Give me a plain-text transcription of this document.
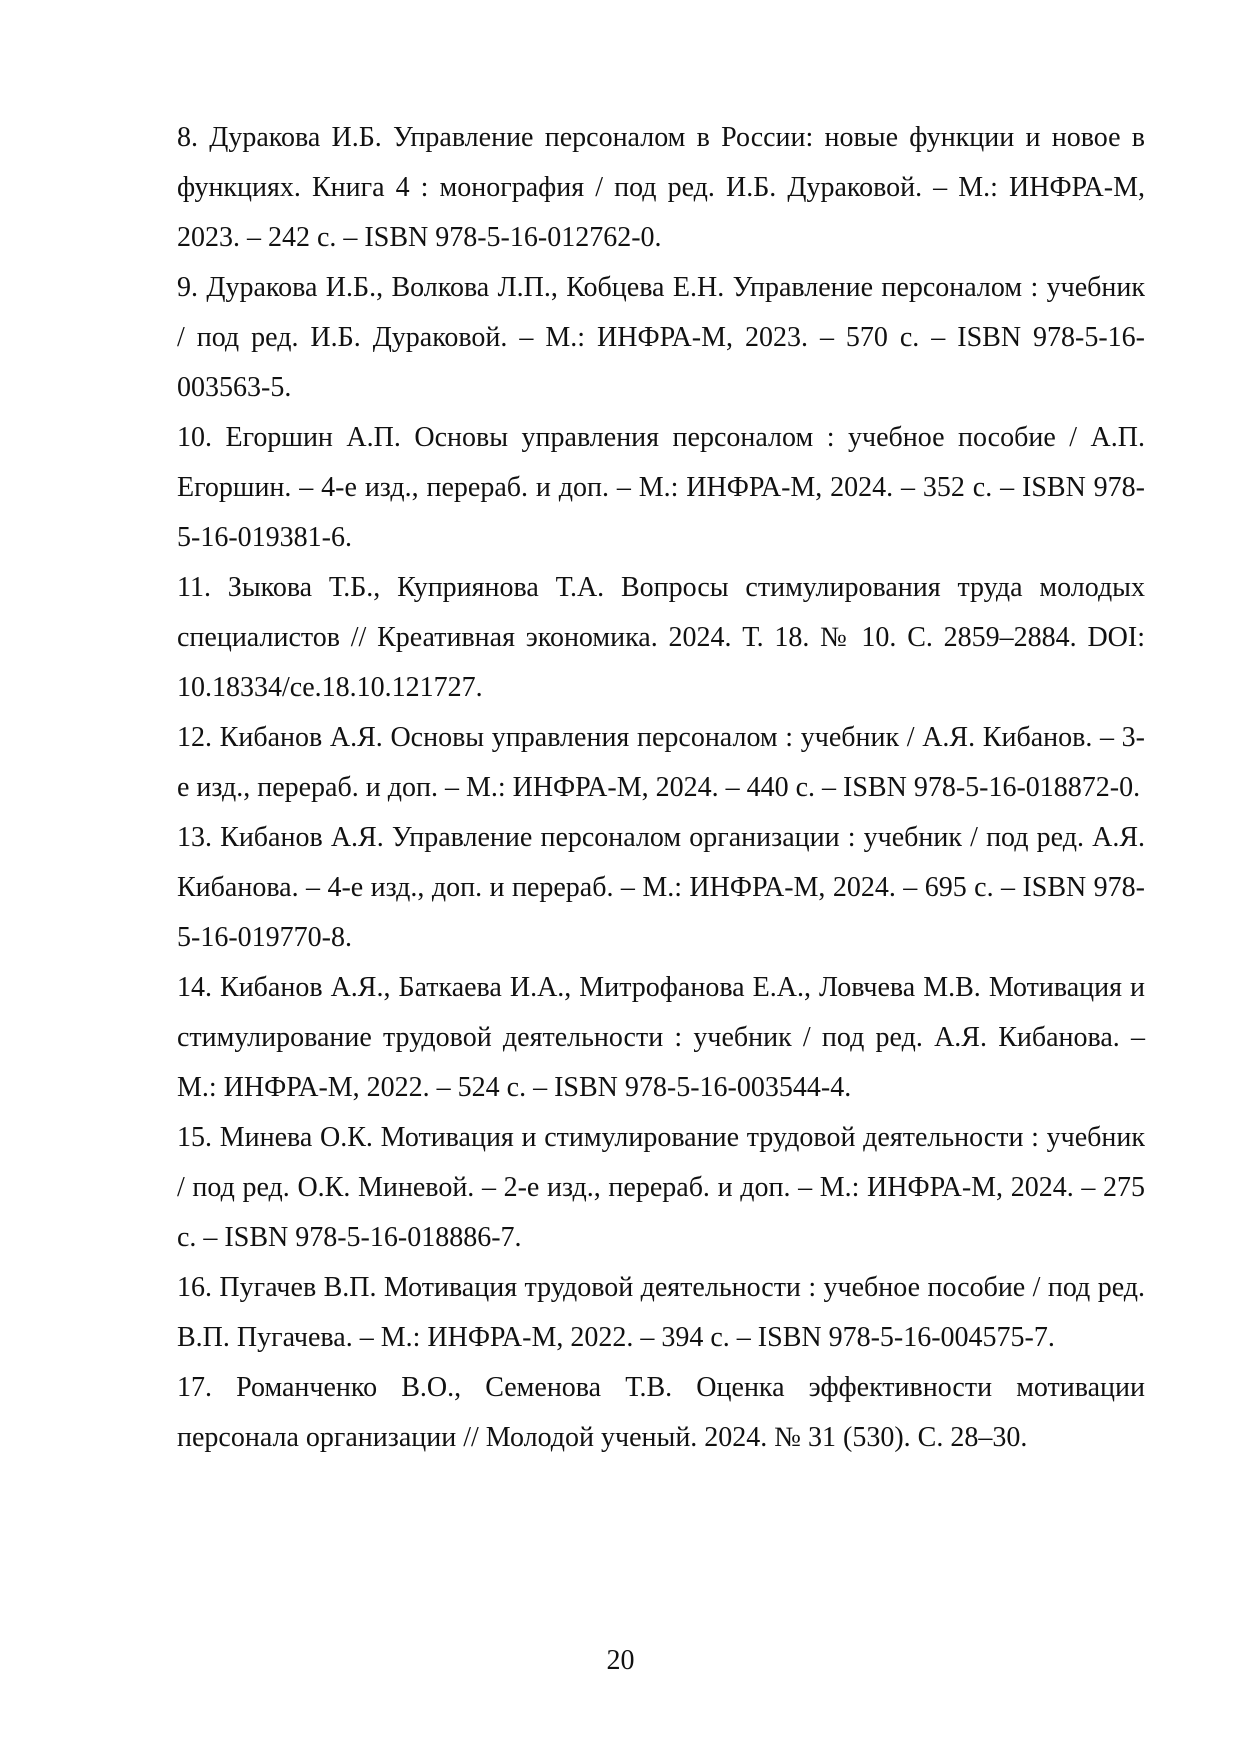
8. Дуракова И.Б. Управление персоналом в России: новые функции и новое в функциях. Книга 4 : монография / под ред. И.Б. Дураковой. – М.: ИНФРА-М, 2023. – 242 с. – ISBN 978-5-16-012762-0.

9. Дуракова И.Б., Волкова Л.П., Кобцева Е.Н. Управление персоналом : учебник / под ред. И.Б. Дураковой. – М.: ИНФРА-М, 2023. – 570 с. – ISBN 978-5-16-003563-5.

10. Егоршин А.П. Основы управления персоналом : учебное пособие / А.П. Егоршин. – 4-е изд., перераб. и доп. – М.: ИНФРА-М, 2024. – 352 с. – ISBN 978-5-16-019381-6.

11. Зыкова Т.Б., Куприянова Т.А. Вопросы стимулирования труда молодых специалистов // Креативная экономика. 2024. Т. 18. № 10. С. 2859–2884. DOI: 10.18334/ce.18.10.121727.

12. Кибанов А.Я. Основы управления персоналом : учебник / А.Я. Кибанов. – 3-е изд., перераб. и доп. – М.: ИНФРА-М, 2024. – 440 с. – ISBN 978-5-16-018872-0.

13. Кибанов А.Я. Управление персоналом организации : учебник / под ред. А.Я. Кибанова. – 4-е изд., доп. и перераб. – М.: ИНФРА-М, 2024. – 695 с. – ISBN 978-5-16-019770-8.

14. Кибанов А.Я., Баткаева И.А., Митрофанова Е.А., Ловчева М.В. Мотивация и стимулирование трудовой деятельности : учебник / под ред. А.Я. Кибанова. – М.: ИНФРА-М, 2022. – 524 с. – ISBN 978-5-16-003544-4.

15. Минева О.К. Мотивация и стимулирование трудовой деятельности : учебник / под ред. О.К. Миневой. – 2-е изд., перераб. и доп. – М.: ИНФРА-М, 2024. – 275 с. – ISBN 978-5-16-018886-7.

16. Пугачев В.П. Мотивация трудовой деятельности : учебное пособие / под ред. В.П. Пугачева. – М.: ИНФРА-М, 2022. – 394 с. – ISBN 978-5-16-004575-7.

17. Романченко В.О., Семенова Т.В. Оценка эффективности мотивации персонала организации // Молодой ученый. 2024. № 31 (530). С. 28–30.

20
